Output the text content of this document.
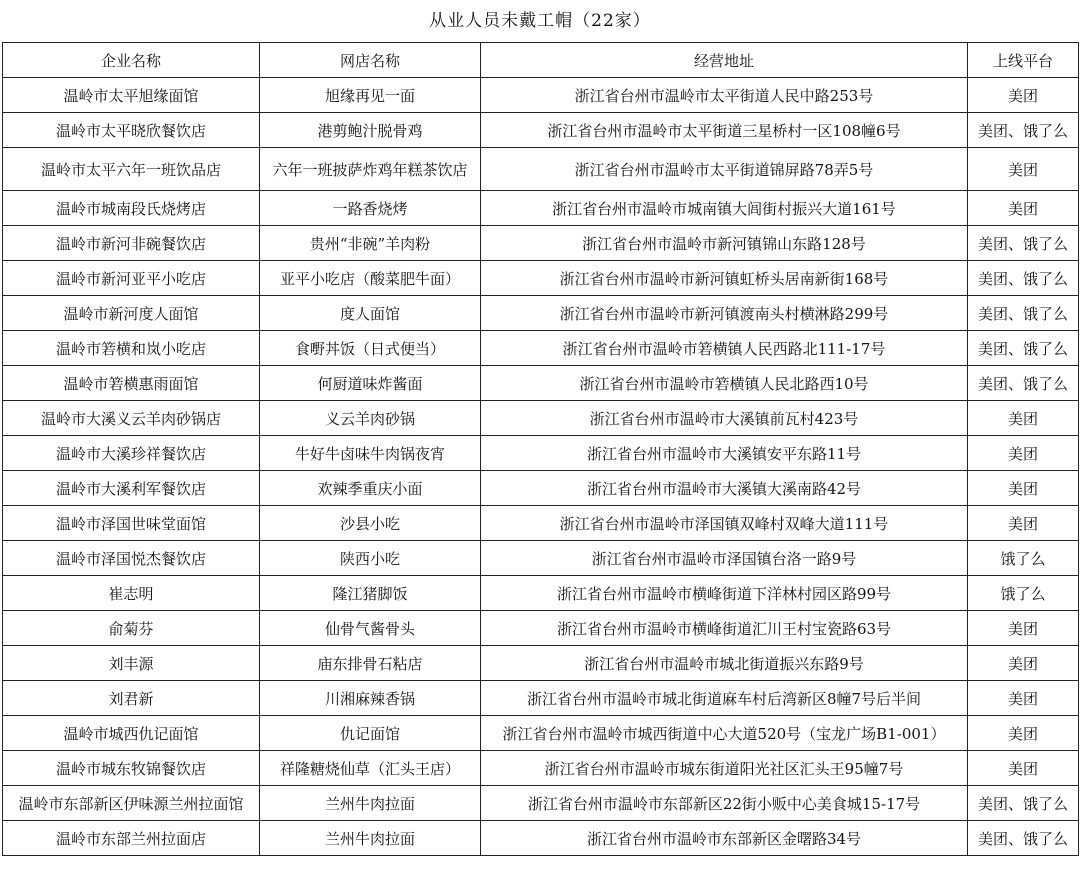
从业人员未戴工帽（22家）
企业名称	网店名称	经营地址	上线平台
温岭市太平旭缘面馆	旭缘再见一面	浙江省台州市温岭市太平街道人民中路253号	美团
温岭市太平晓欣餐饮店	港剪鲍汁脱骨鸡	浙江省台州市温岭市太平街道三星桥村一区108幢6号	美团、饿了么
温岭市太平六年一班饮品店	六年一班披萨炸鸡年糕茶饮店	浙江省台州市温岭市太平街道锦屏路78弄5号	美团
温岭市城南段氏烧烤店	一路香烧烤	浙江省台州市温岭市城南镇大闾街村振兴大道161号	美团
温岭市新河非碗餐饮店	贵州“非碗”羊肉粉	浙江省台州市温岭市新河镇锦山东路128号	美团、饿了么
温岭市新河亚平小吃店	亚平小吃店（酸菜肥牛面）	浙江省台州市温岭市新河镇虹桥头居南新街168号	美团、饿了么
温岭市新河度人面馆	度人面馆	浙江省台州市温岭市新河镇渡南头村横淋路299号	美团、饿了么
温岭市箬横和岚小吃店	食嘢丼饭（日式便当）	浙江省台州市温岭市箬横镇人民西路北111-17号	美团、饿了么
温岭市箬横惠雨面馆	何厨道味炸酱面	浙江省台州市温岭市箬横镇人民北路西10号	美团、饿了么
温岭市大溪义云羊肉砂锅店	义云羊肉砂锅	浙江省台州市温岭市大溪镇前瓦村423号	美团
温岭市大溪珍祥餐饮店	牛好牛卤味牛肉锅夜宵	浙江省台州市温岭市大溪镇安平东路11号	美团
温岭市大溪利军餐饮店	欢辣季重庆小面	浙江省台州市温岭市大溪镇大溪南路42号	美团
温岭市泽国世味堂面馆	沙县小吃	浙江省台州市温岭市泽国镇双峰村双峰大道111号	美团
温岭市泽国悦杰餐饮店	陕西小吃	浙江省台州市温岭市泽国镇台洛一路9号	饿了么
崔志明	隆江猪脚饭	浙江省台州市温岭市横峰街道下洋林村园区路99号	饿了么
俞菊芬	仙骨气酱骨头	浙江省台州市温岭市横峰街道汇川王村宝瓷路63号	美团
刘丰源	庙东排骨石粘店	浙江省台州市温岭市城北街道振兴东路9号	美团
刘君新	川湘麻辣香锅	浙江省台州市温岭市城北街道麻车村后湾新区8幢7号后半间	美团
温岭市城西仇记面馆	仇记面馆	浙江省台州市温岭市城西街道中心大道520号（宝龙广场B1-001）	美团
温岭市城东牧锦餐饮店	祥隆糖烧仙草（汇头王店）	浙江省台州市温岭市城东街道阳光社区汇头王95幢7号	美团
温岭市东部新区伊味源兰州拉面馆	兰州牛肉拉面	浙江省台州市温岭市东部新区22街小贩中心美食城15-17号	美团、饿了么
温岭市东部兰州拉面店	兰州牛肉拉面	浙江省台州市温岭市东部新区金曙路34号	美团、饿了么
